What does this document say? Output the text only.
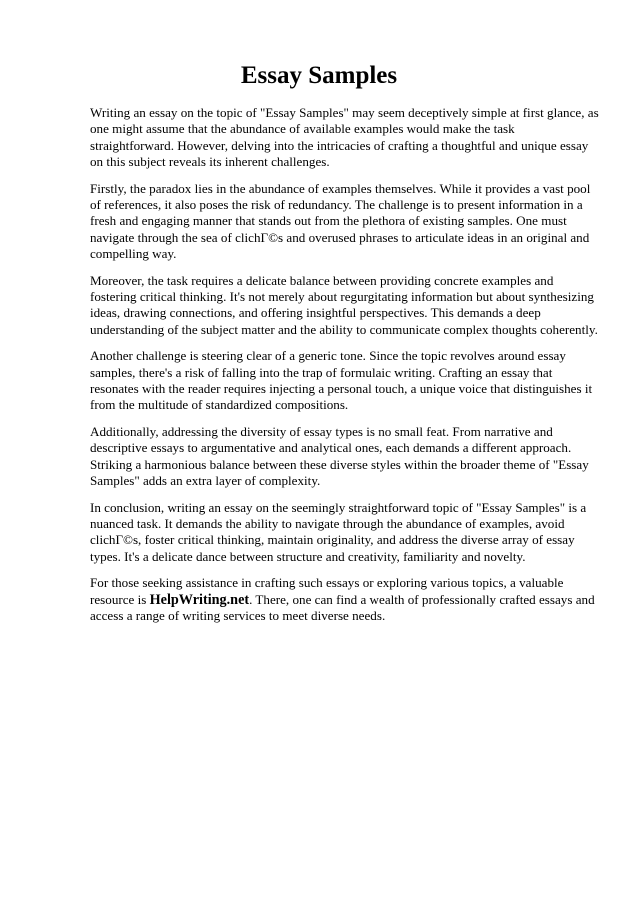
Essay Samples

Writing an essay on the topic of "Essay Samples" may seem deceptively simple at first glance, as
one might assume that the abundance of available examples would make the task
straightforward. However, delving into the intricacies of crafting a thoughtful and unique essay
on this subject reveals its inherent challenges.

Firstly, the paradox lies in the abundance of examples themselves. While it provides a vast pool
of references, it also poses the risk of redundancy. The challenge is to present information in a
fresh and engaging manner that stands out from the plethora of existing samples. One must
navigate through the sea of clichГ©s and overused phrases to articulate ideas in an original and
compelling way.

Moreover, the task requires a delicate balance between providing concrete examples and
fostering critical thinking. It's not merely about regurgitating information but about synthesizing
ideas, drawing connections, and offering insightful perspectives. This demands a deep
understanding of the subject matter and the ability to communicate complex thoughts coherently.

Another challenge is steering clear of a generic tone. Since the topic revolves around essay
samples, there's a risk of falling into the trap of formulaic writing. Crafting an essay that
resonates with the reader requires injecting a personal touch, a unique voice that distinguishes it
from the multitude of standardized compositions.

Additionally, addressing the diversity of essay types is no small feat. From narrative and
descriptive essays to argumentative and analytical ones, each demands a different approach.
Striking a harmonious balance between these diverse styles within the broader theme of "Essay
Samples" adds an extra layer of complexity.

In conclusion, writing an essay on the seemingly straightforward topic of "Essay Samples" is a
nuanced task. It demands the ability to navigate through the abundance of examples, avoid
clichГ©s, foster critical thinking, maintain originality, and address the diverse array of essay
types. It's a delicate dance between structure and creativity, familiarity and novelty.

For those seeking assistance in crafting such essays or exploring various topics, a valuable
resource is HelpWriting.net. There, one can find a wealth of professionally crafted essays and
access a range of writing services to meet diverse needs.
